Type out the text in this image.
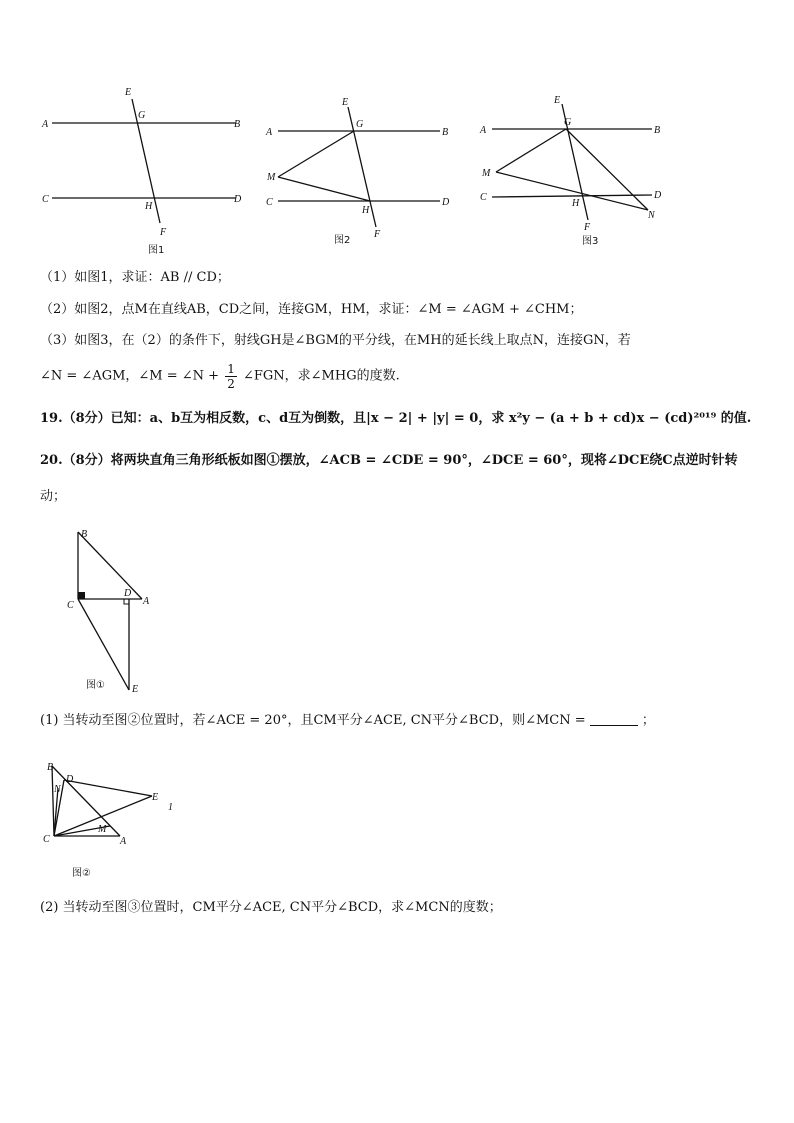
A	B
C	D
E
F
G
H
图1
A	B
C	D
M
E
F
G
H
图2
A	B
C	D
M
N
E
F
G
H
图3
（1）如图1，求证：AB // CD；
（2）如图2，点M在直线AB，CD之间，连接GM，HM，求证：∠M = ∠AGM + ∠CHM；
（3）如图3，在（2）的条件下，射线GH是∠BGM的平分线，在MH的延长线上取点N，连接GN，若
∠N = ∠AGM，∠M = ∠N + $\frac{1}{2}$ ∠FGN，求∠MHG的度数.
19.（8分）已知：a、b互为相反数，c、d互为倒数，且|x − 2| + |y| = 0，求 x²y − (a + b + cd)x − (cd)²⁰¹⁹ 的值.
20.（8分）将两块直角三角形纸板如图①摆放，∠ACB = ∠CDE = 90°，∠DCE = 60°，现将∠DCE绕C点逆时针转
动；
B
C
D
A
E
图①
(1) 当转动至图②位置时，若∠ACE = 20°，且CM平分∠ACE, CN平分∠BCD，则∠MCN =	；
B
D
N
E
1
M
C	A
图②
(2) 当转动至图③位置时，CM平分∠ACE, CN平分∠BCD，求∠MCN的度数；
